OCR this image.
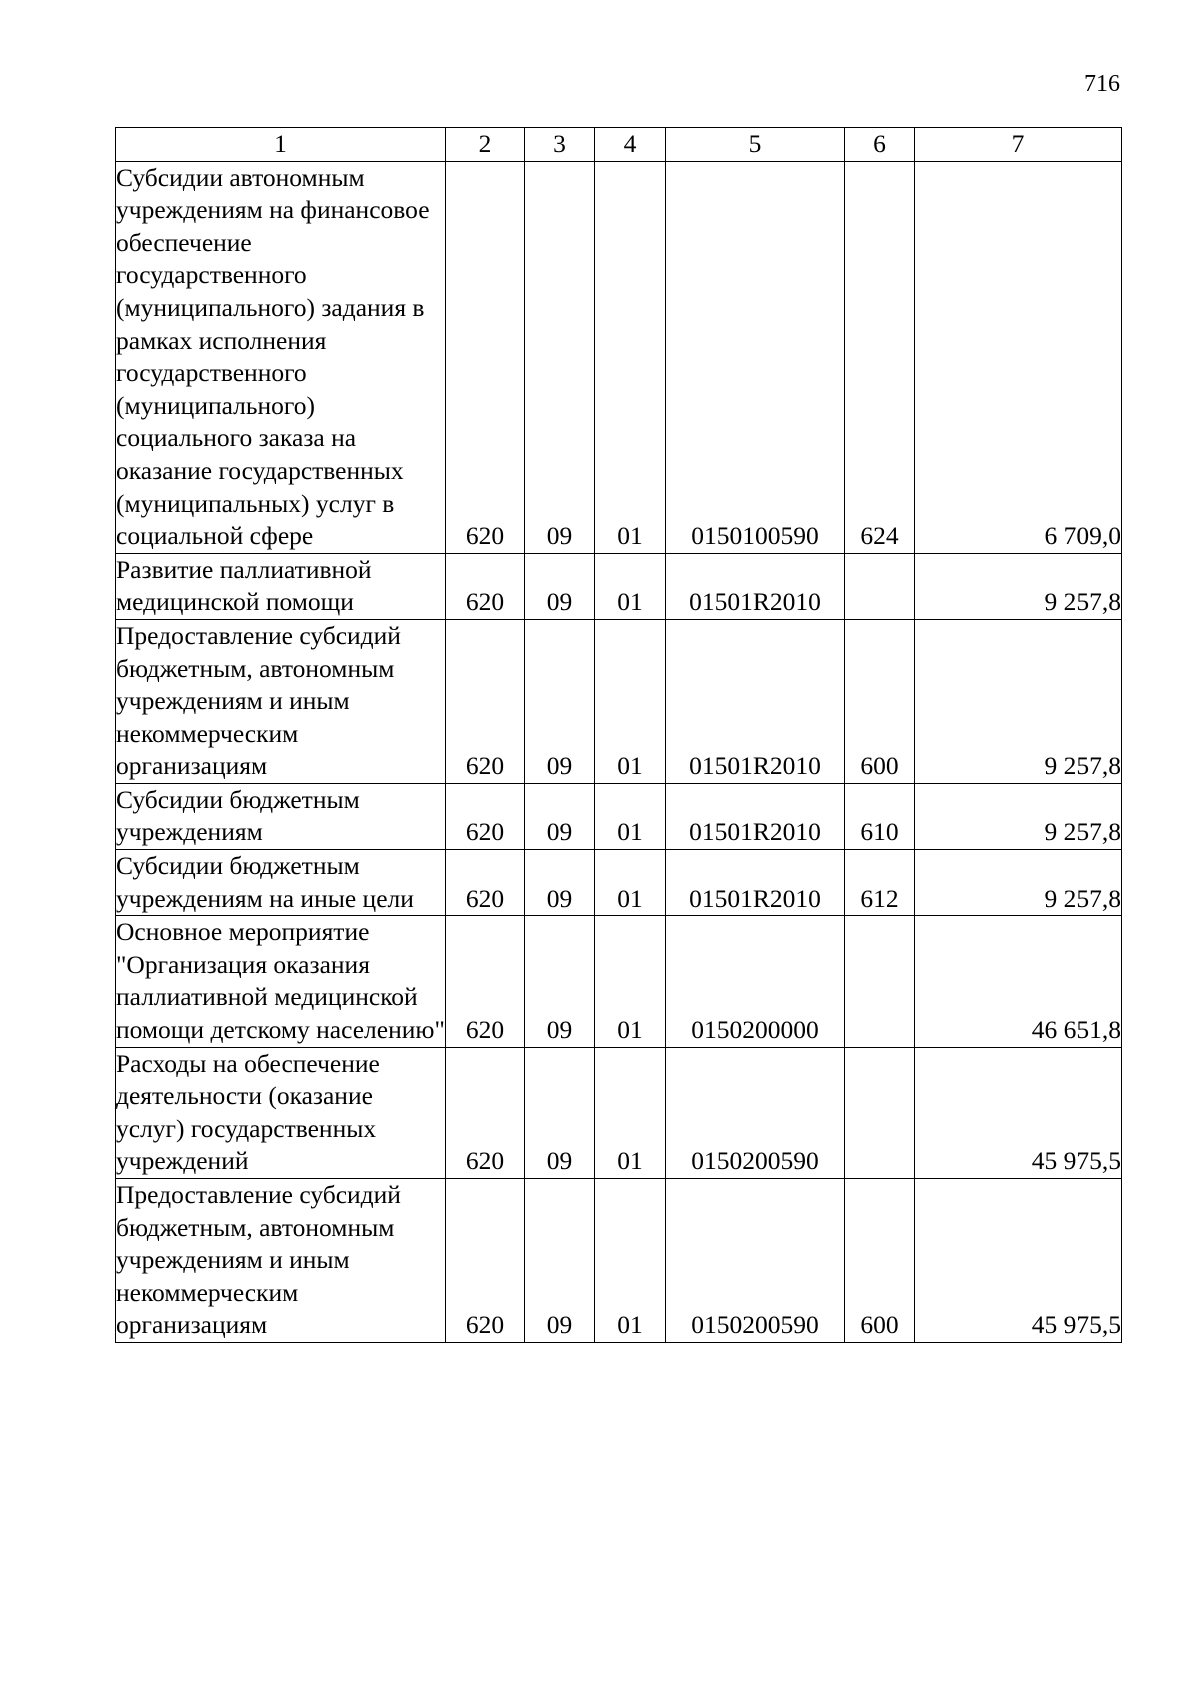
716
1	2	3	4	5	6	7
Субсидии автономным учреждениям на финансовое обеспечение государственного (муниципального) задания в рамках исполнения государственного (муниципального) социального заказа на оказание государственных (муниципальных) услуг в социальной сфере	620	09	01	0150100590	624	6 709,0
Развитие паллиативной медицинской помощи	620	09	01	01501R2010		9 257,8
Предоставление субсидий бюджетным, автономным учреждениям и иным некоммерческим организациям	620	09	01	01501R2010	600	9 257,8
Субсидии бюджетным учреждениям	620	09	01	01501R2010	610	9 257,8
Субсидии бюджетным учреждениям на иные цели	620	09	01	01501R2010	612	9 257,8
Основное мероприятие "Организация оказания паллиативной медицинской помощи детскому населению"	620	09	01	0150200000		46 651,8
Расходы на обеспечение деятельности (оказание услуг) государственных учреждений	620	09	01	0150200590		45 975,5
Предоставление субсидий бюджетным, автономным учреждениям и иным некоммерческим организациям	620	09	01	0150200590	600	45 975,5
